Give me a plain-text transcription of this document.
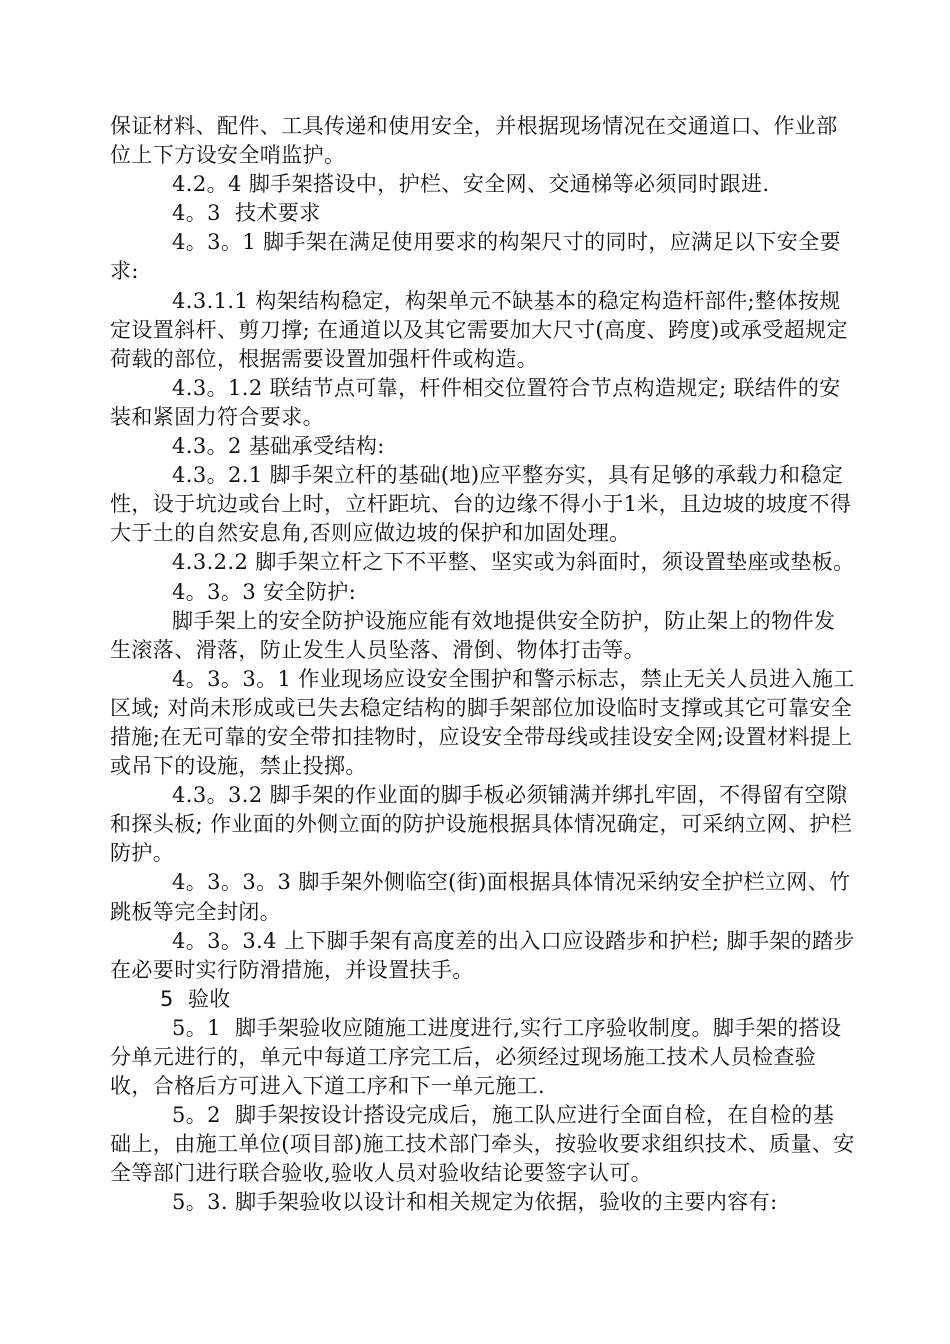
保证材料、配件、工具传递和使用安全，并根据现场情况在交通道口、作业部位上下方设安全哨监护。

4.2。4 脚手架搭设中，护栏、安全网、交通梯等必须同时跟进.

4。3  技术要求

4。3。1 脚手架在满足使用要求的构架尺寸的同时，应满足以下安全要求:

4.3.1.1 构架结构稳定，构架单元不缺基本的稳定构造杆部件;整体按规定设置斜杆、剪刀撑; 在通道以及其它需要加大尺寸(高度、跨度)或承受超规定荷载的部位，根据需要设置加强杆件或构造。

4.3。1.2 联结节点可靠，杆件相交位置符合节点构造规定; 联结件的安装和紧固力符合要求。

4.3。2 基础承受结构:

4.3。2.1 脚手架立杆的基础(地)应平整夯实，具有足够的承载力和稳定性，设于坑边或台上时，立杆距坑、台的边缘不得小于1米，且边坡的坡度不得大于土的自然安息角,否则应做边坡的保护和加固处理。

4.3.2.2 脚手架立杆之下不平整、坚实或为斜面时，须设置垫座或垫板。

4。3。3 安全防护:

脚手架上的安全防护设施应能有效地提供安全防护，防止架上的物件发生滚落、滑落，防止发生人员坠落、滑倒、物体打击等。

4。3。3。1 作业现场应设安全围护和警示标志，禁止无关人员进入施工区域; 对尚未形成或已失去稳定结构的脚手架部位加设临时支撑或其它可靠安全措施;在无可靠的安全带扣挂物时，应设安全带母线或挂设安全网;设置材料提上或吊下的设施，禁止投掷。

4.3。3.2 脚手架的作业面的脚手板必须铺满并绑扎牢固，不得留有空隙和探头板; 作业面的外侧立面的防护设施根据具体情况确定，可采纳立网、护栏防护。

4。3。3。3 脚手架外侧临空(街)面根据具体情况采纳安全护栏立网、竹跳板等完全封闭。

4。3。3.4 上下脚手架有高度差的出入口应设踏步和护栏; 脚手架的踏步在必要时实行防滑措施，并设置扶手。

5  验收

5。1  脚手架验收应随施工进度进行,实行工序验收制度。脚手架的搭设分单元进行的，单元中每道工序完工后，必须经过现场施工技术人员检查验收，合格后方可进入下道工序和下一单元施工.

5。2  脚手架按设计搭设完成后，施工队应进行全面自检，在自检的基础上，由施工单位(项目部)施工技术部门牵头，按验收要求组织技术、质量、安全等部门进行联合验收,验收人员对验收结论要签字认可。

5。3. 脚手架验收以设计和相关规定为依据，验收的主要内容有:
